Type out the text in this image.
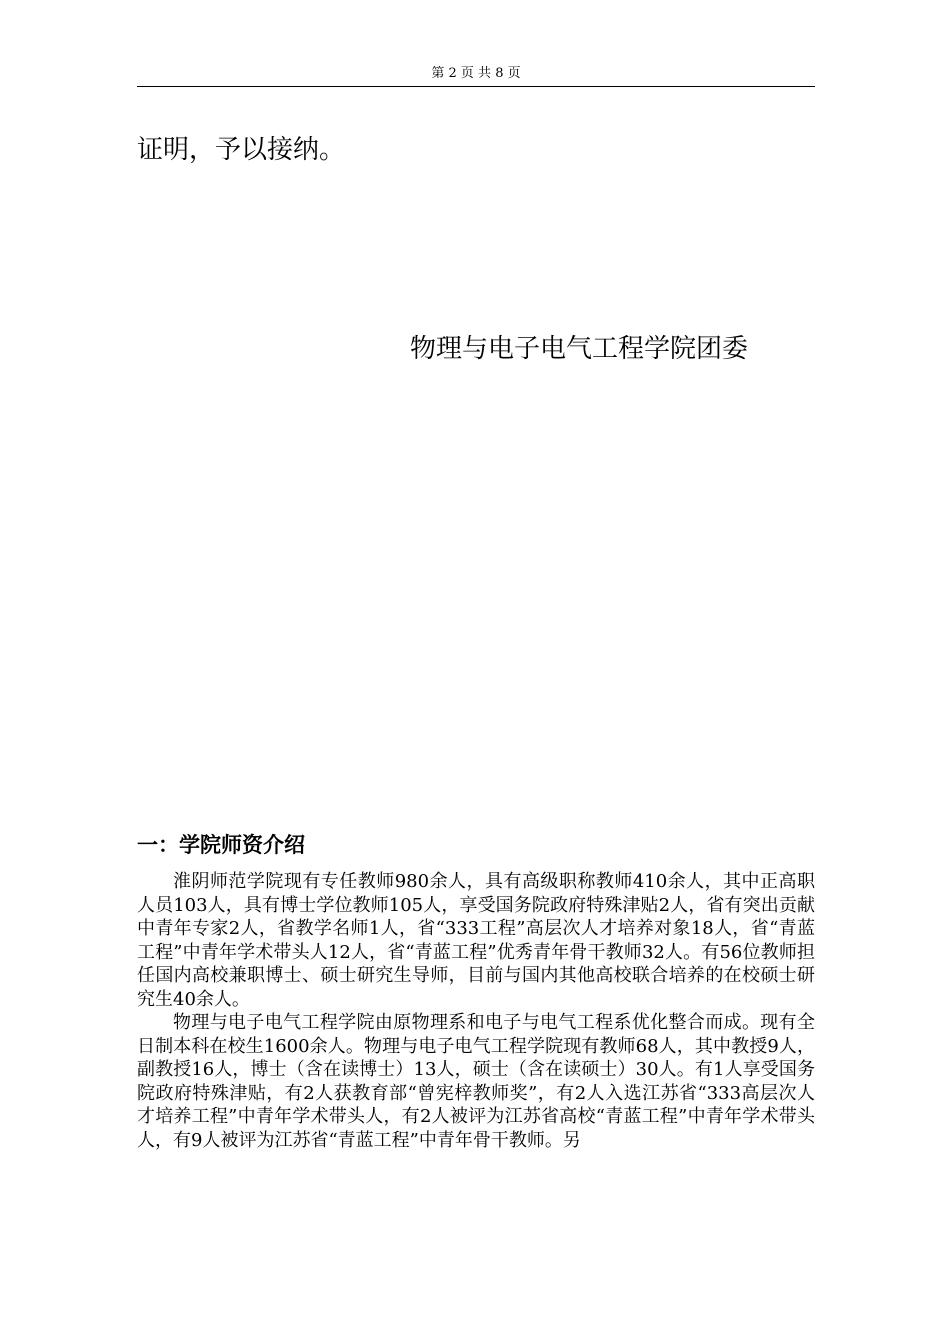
第 2 页 共 8 页

证明，予以接纳。

物理与电子电气工程学院团委

一：学院师资介绍

淮阴师范学院现有专任教师980余人，具有高级职称教师410余人，其中正高职人员103人，具有博士学位教师105人，享受国务院政府特殊津贴2人，省有突出贡献中青年专家2人，省教学名师1人，省“333工程”高层次人才培养对象18人，省“青蓝工程”中青年学术带头人12人，省“青蓝工程”优秀青年骨干教师32人。有56位教师担任国内高校兼职博士、硕士研究生导师，目前与国内其他高校联合培养的在校硕士研究生40余人。

物理与电子电气工程学院由原物理系和电子与电气工程系优化整合而成。现有全日制本科在校生1600余人。物理与电子电气工程学院现有教师68人，其中教授9人，副教授16人，博士（含在读博士）13人，硕士（含在读硕士）30人。有1人享受国务院政府特殊津贴，有2人获教育部“曾宪梓教师奖”，有2人入选江苏省“333高层次人才培养工程”中青年学术带头人，有2人被评为江苏省高校“青蓝工程”中青年学术带头人，有9人被评为江苏省“青蓝工程”中青年骨干教师。另
